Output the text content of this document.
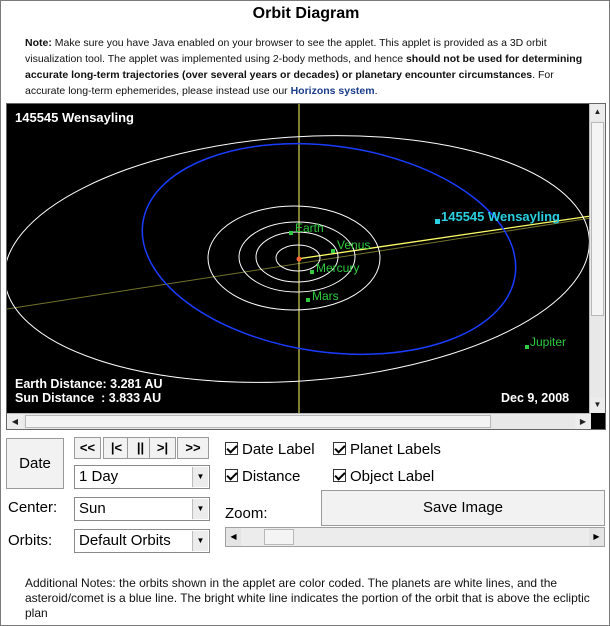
Orbit Diagram
Note: Make sure you have Java enabled on your browser to see the applet. This applet is provided as a 3D orbit visualization tool. The applet was implemented using 2-body methods, and hence should not be used for determining accurate long-term trajectories (over several years or decades) or planetary encounter circumstances. For accurate long-term ephemerides, please instead use our Horizons system.
Earth
Venus
Mercury
Mars
Jupiter
145545 Wensayling
145545 Wensayling
Earth Distance: 3.281 AU
Sun Distance  : 3.833 AU	Dec 9, 2008
▲
▼
◀	▶
Date
<<	|<	|| >|	>>
1 Day	▼
Center:	Sun	▼
Orbits:	Default Orbits	▼
Date Label	Planet Labels
Distance	Object Label
Save Image
Zoom:
◀	▶
Additional Notes: the orbits shown in the applet are color coded. The planets are white lines, and the asteroid/comet is a blue line. The bright white line indicates the portion of the orbit that is above the ecliptic plan
